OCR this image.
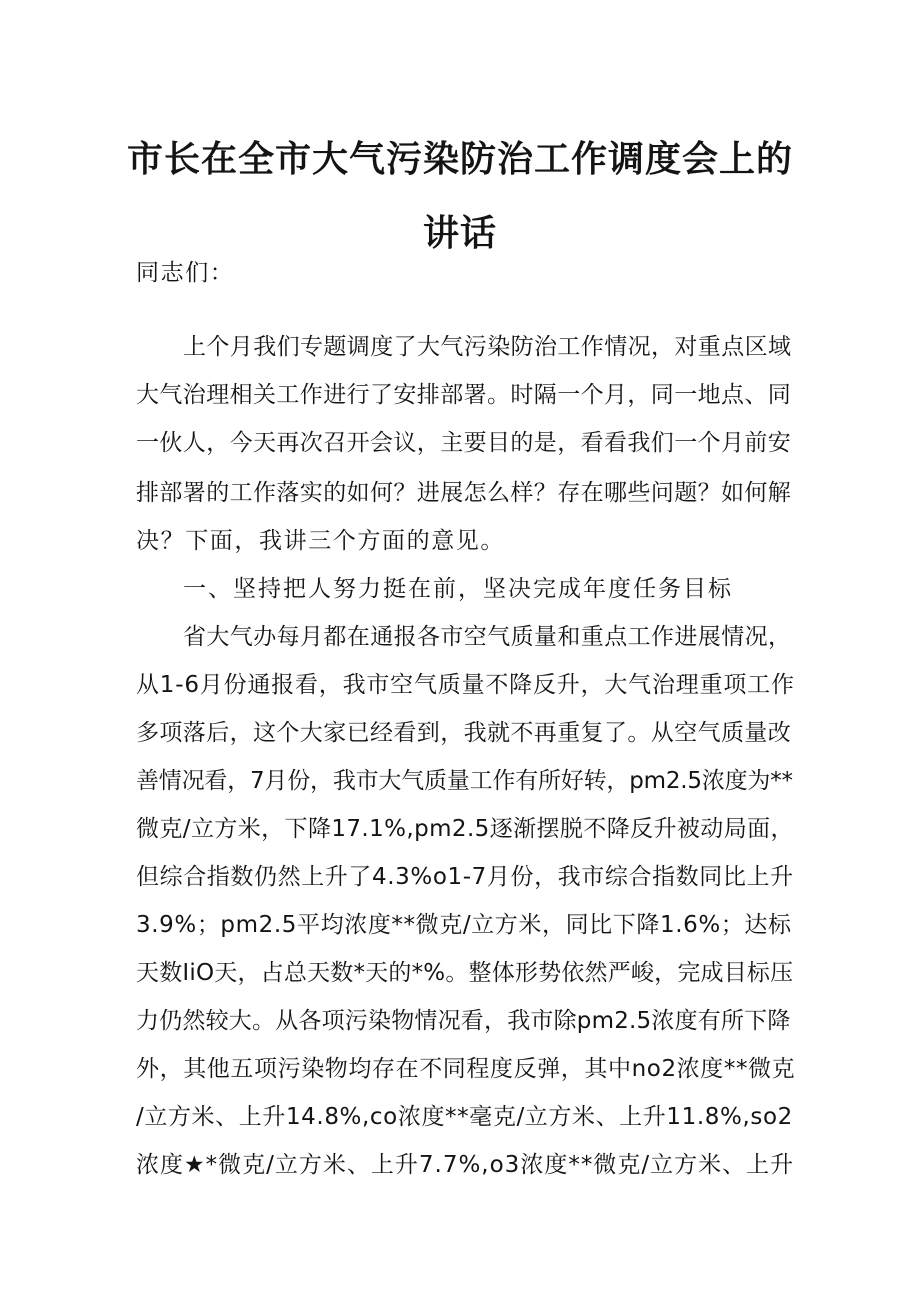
市长在全市大气污染防治工作调度会上的
讲话

同志们：

上个月我们专题调度了大气污染防治工作情况，对重点区域

大气治理相关工作进行了安排部署。时隔一个月，同一地点、同

一伙人，今天再次召开会议，主要目的是，看看我们一个月前安

排部署的工作落实的如何？进展怎么样？存在哪些问题？如何解

决？下面，我讲三个方面的意见。

一、坚持把人努力挺在前，坚决完成年度任务目标

省大气办每月都在通报各市空气质量和重点工作进展情况，

从1-6月份通报看，我市空气质量不降反升，大气治理重项工作

多项落后，这个大家已经看到，我就不再重复了。从空气质量改

善情况看，7月份，我市大气质量工作有所好转，pm2.5浓度为**

微克/立方米，下降17.1%,pm2.5逐渐摆脱不降反升被动局面，

但综合指数仍然上升了4.3%o1-7月份，我市综合指数同比上升

3.9%；pm2.5平均浓度**微克/立方米，同比下降1.6%；达标

天数IiO天，占总天数*天的*%。整体形势依然严峻，完成目标压

力仍然较大。从各项污染物情况看，我市除pm2.5浓度有所下降

外，其他五项污染物均存在不同程度反弹，其中no2浓度**微克

/立方米、上升14.8%,co浓度**毫克/立方米、上升11.8%,so2

浓度★*微克/立方米、上升7.7%,o3浓度**微克/立方米、上升
